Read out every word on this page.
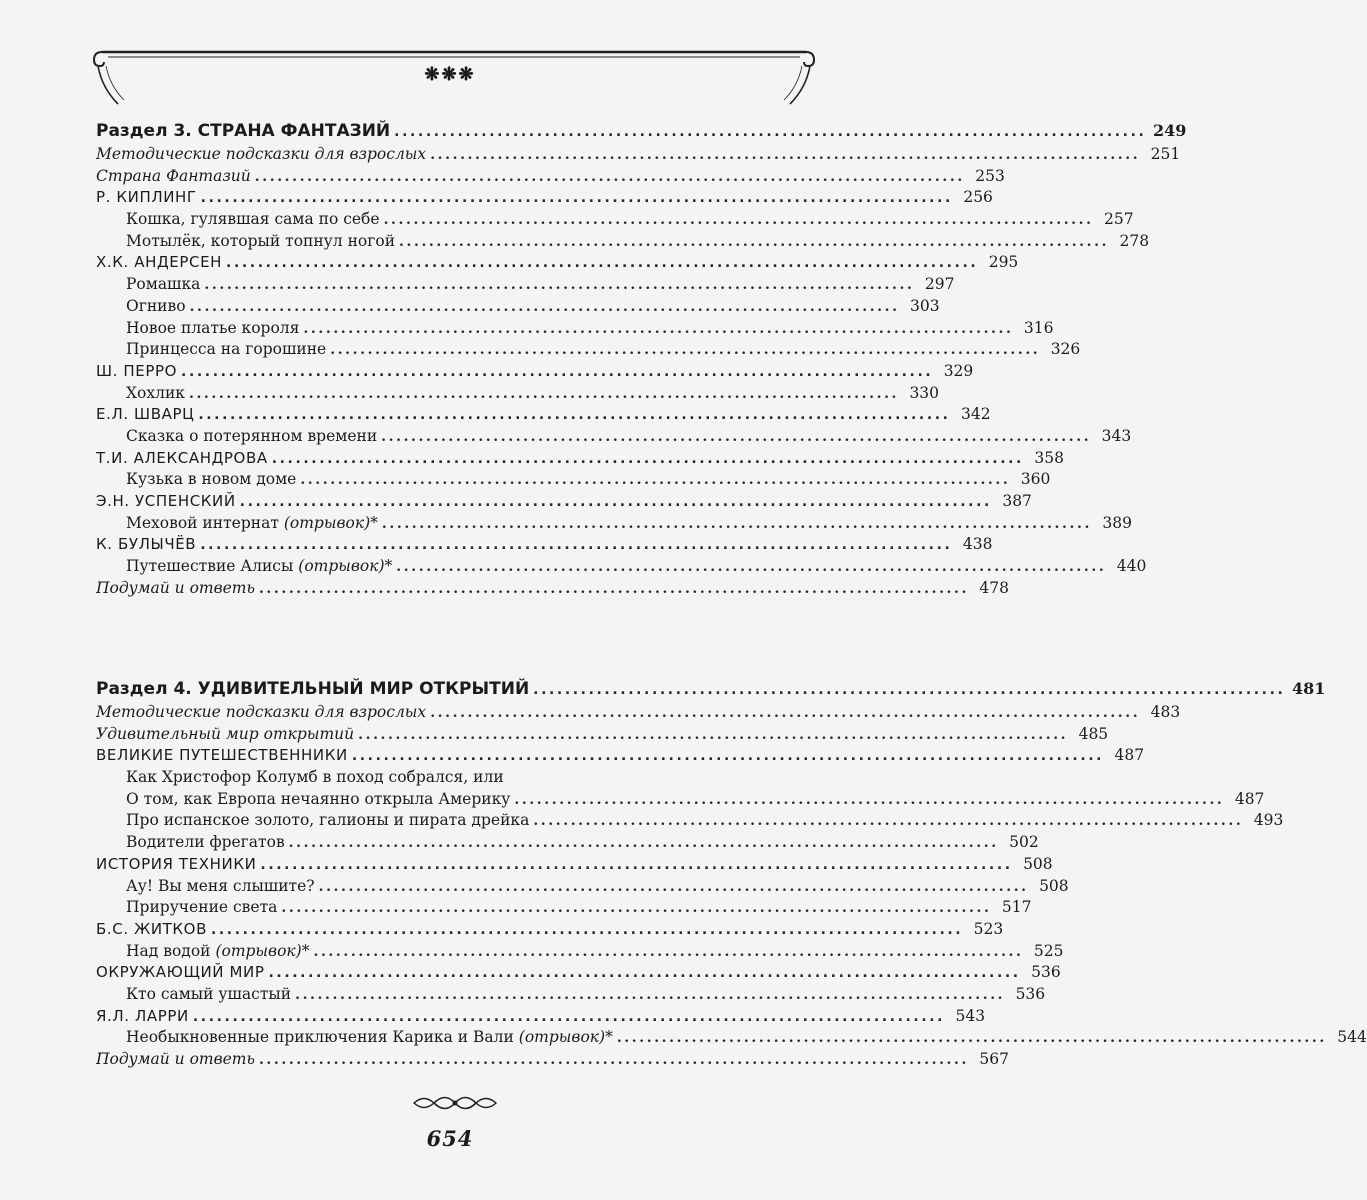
❋❋❋
Раздел 3. СТРАНА ФАНТАЗИЙ ............................................................................................... 249
Методические подсказки для взрослых ............................................................................................... 251
Страна Фантазий ............................................................................................... 253
Р. КИПЛИНГ ............................................................................................... 256
Кошка, гулявшая сама по себе ............................................................................................... 257
Мотылёк, который топнул ногой ............................................................................................... 278
Х.К. АНДЕРСЕН ............................................................................................... 295
Ромашка ............................................................................................... 297
Огниво ............................................................................................... 303
Новое платье короля ............................................................................................... 316
Принцесса на горошине ............................................................................................... 326
Ш. ПЕРРО ............................................................................................... 329
Хохлик ............................................................................................... 330
Е.Л. ШВАРЦ ............................................................................................... 342
Сказка о потерянном времени ............................................................................................... 343
Т.И. АЛЕКСАНДРОВА ............................................................................................... 358
Кузька в новом доме ............................................................................................... 360
Э.Н. УСПЕНСКИЙ ............................................................................................... 387
Меховой интернат (отрывок)* ............................................................................................... 389
К. БУЛЫЧЁВ ............................................................................................... 438
Путешествие Алисы (отрывок)* ............................................................................................... 440
Подумай и ответь ............................................................................................... 478
Раздел 4. УДИВИТЕЛЬНЫЙ МИР ОТКРЫТИЙ ............................................................................................... 481
Методические подсказки для взрослых ............................................................................................... 483
Удивительный мир открытий ............................................................................................... 485
ВЕЛИКИЕ ПУТЕШЕСТВЕННИКИ ............................................................................................... 487
Как Христофор Колумб в поход собрался, или
О том, как Европа нечаянно открыла Америку ............................................................................................... 487
Про испанское золото, галионы и пирата дрейка ............................................................................................... 493
Водители фрегатов ............................................................................................... 502
ИСТОРИЯ ТЕХНИКИ ............................................................................................... 508
Ау! Вы меня слышите? ............................................................................................... 508
Приручение света ............................................................................................... 517
Б.С. ЖИТКОВ ............................................................................................... 523
Над водой (отрывок)* ............................................................................................... 525
ОКРУЖАЮЩИЙ МИР ............................................................................................... 536
Кто самый ушастый ............................................................................................... 536
Я.Л. ЛАРРИ ............................................................................................... 543
Необыкновенные приключения Карика и Вали (отрывок)* ............................................................................................... 544
Подумай и ответь ............................................................................................... 567
654
